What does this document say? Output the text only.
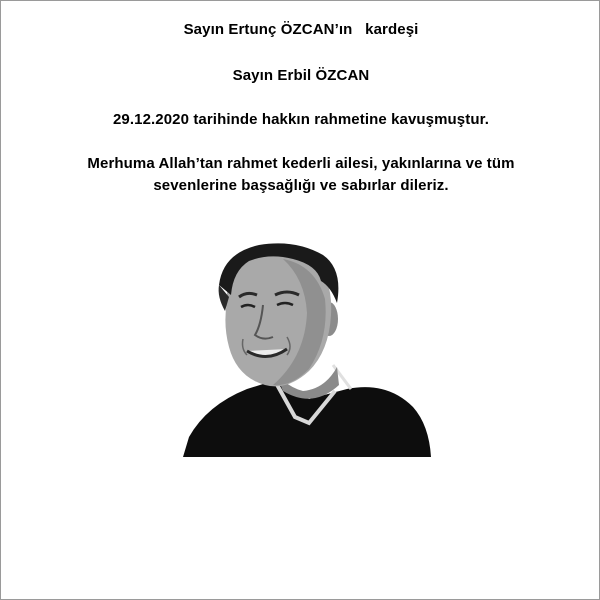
Sayın Ertunç ÖZCAN’ın   kardeşi
Sayın Erbil ÖZCAN
29.12.2020 tarihinde hakkın rahmetine kavuşmuştur.
Merhuma Allah’tan rahmet kederli ailesi, yakınlarına ve tüm
sevenlerine başsağlığı ve sabırlar dileriz.
